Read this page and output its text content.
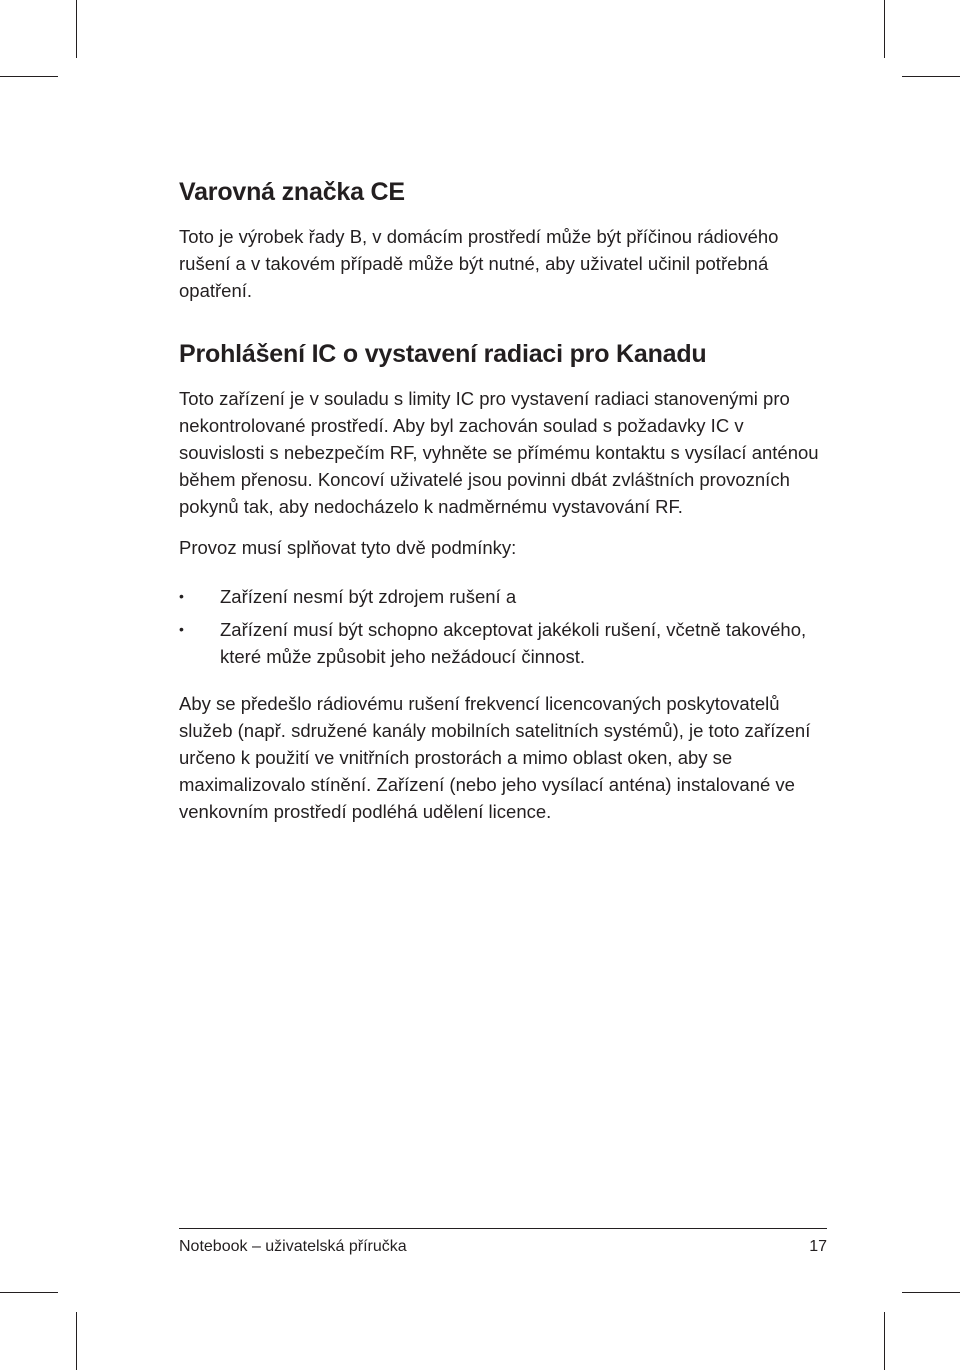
Varovná značka CE

Toto je výrobek řady B, v domácím prostředí může být příčinou rádiového rušení a v takovém případě může být nutné, aby uživatel učinil potřebná opatření.

Prohlášení IC o vystavení radiaci pro Kanadu

Toto zařízení je v souladu s limity IC pro vystavení radiaci stanovenými pro nekontrolované prostředí. Aby byl zachován soulad s požadavky IC v souvislosti s nebezpečím RF, vyhněte se přímému kontaktu s vysílací anténou během přenosu. Koncoví uživatelé jsou povinni dbát zvláštních provozních pokynů tak, aby nedocházelo k nadměrnému vystavování RF.

Provoz musí splňovat tyto dvě podmínky:

• Zařízení nesmí být zdrojem rušení a
• Zařízení musí být schopno akceptovat jakékoli rušení, včetně takového, které může způsobit jeho nežádoucí činnost.

Aby se předešlo rádiovému rušení frekvencí licencovaných poskytovatelů služeb (např. sdružené kanály mobilních satelitních systémů), je toto zařízení určeno k použití ve vnitřních prostorách a mimo oblast oken, aby se maximalizovalo stínění. Zařízení (nebo jeho vysílací anténa) instalované ve venkovním prostředí podléhá udělení licence.

Notebook – uživatelská příručka	17
